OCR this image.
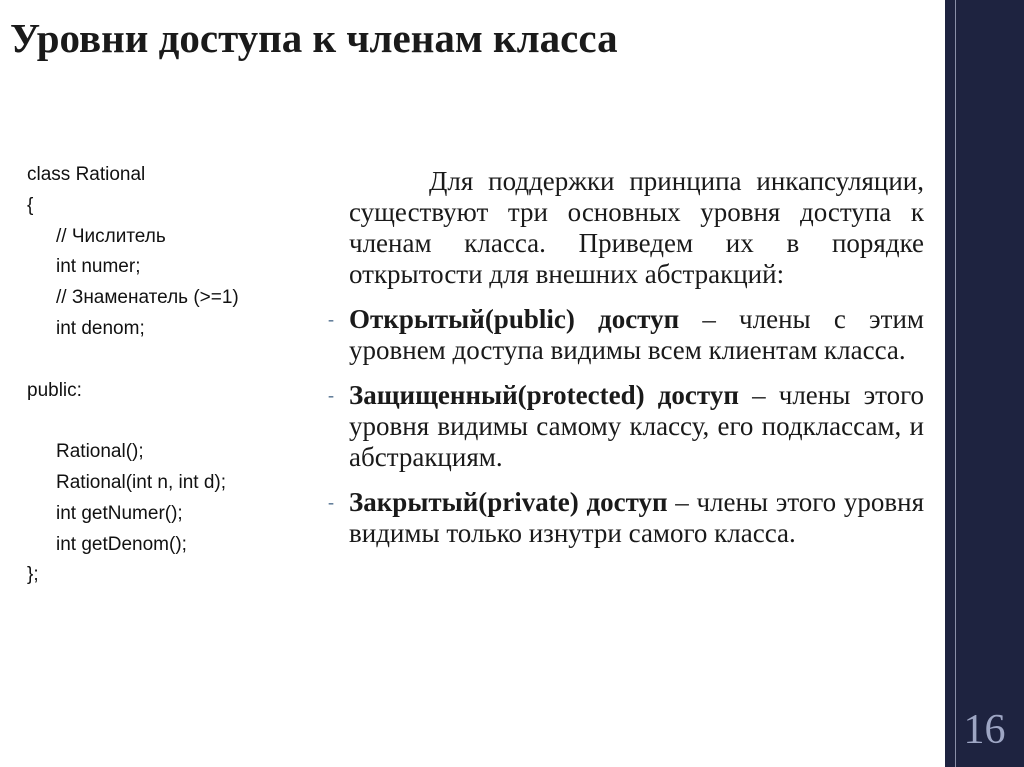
Уровни доступа к членам класса
class Rational
{
// Числитель
int numer;
// Знаменатель (>=1)
int denom;
public:
Rational();
Rational(int n, int d);
int getNumer();
int getDenom();
};

Для поддержки принципа инкапсуляции, существуют три основных уровня доступа к членам класса. Приведем их в порядке открытости для внешних абстракций:

- Открытый(public) доступ – члены с этим уровнем доступа видимы всем клиентам класса.
- Защищенный(protected) доступ – члены этого уровня видимы самому классу, его подклассам, и абстракциям.
- Закрытый(private) доступ – члены этого уровня видимы только изнутри самого класса.
16
